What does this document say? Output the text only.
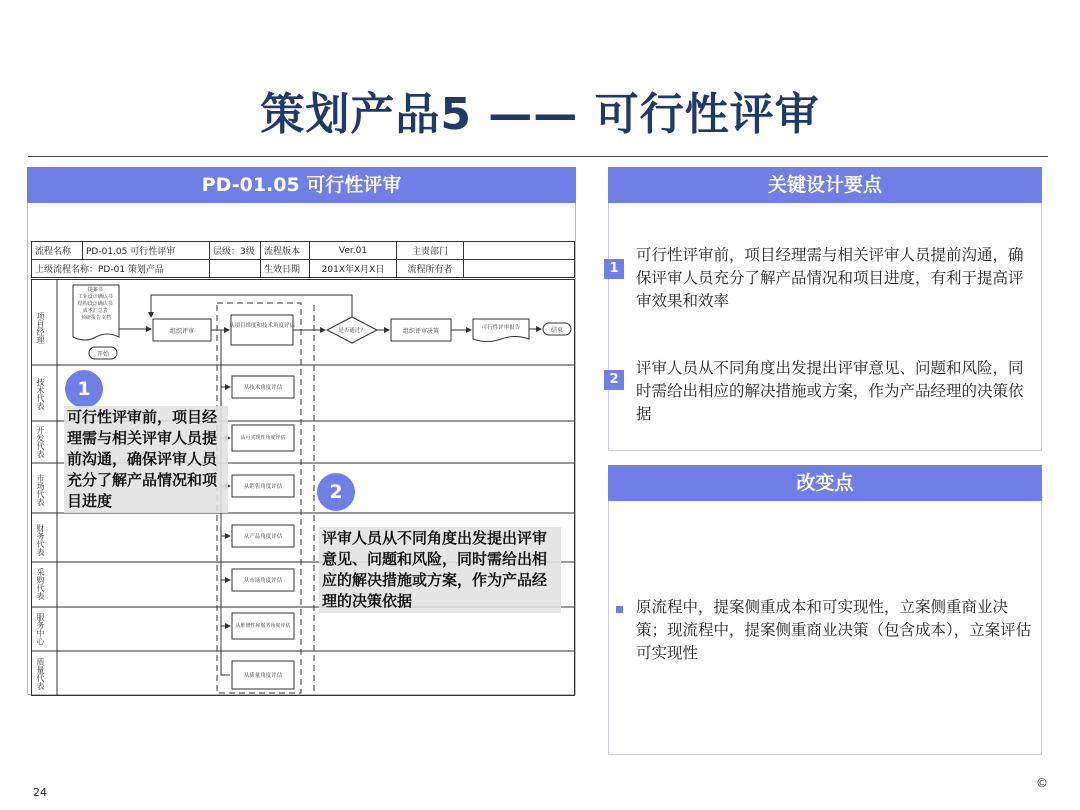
策划产品5 —— 可行性评审
PD-01.05 可行性评审
流程名称	PD-01.05 可行性评审	层级：3级	流程版本	Ver.01	主责部门	
上级流程名称：PD-01 策划产品			生效日期	201X年X月X日	流程所有者	
提案书 工业设计确认书 结构设计确认书 成本汇总表 预研报告文档
开始
组织评审
从项目维度和技术角度评估
是否通过？	组织评审决策	可行性评审报告	结束
从技术角度评估
从可实现性角度评估
从销售角度评估
从产品角度评估
从市场角度评估
从维修性和服务角度评估
从质量角度评估
项目经理
技术代表
开发代表
市场代表
财务代表
采购代表
服务中心
质量代表
1
可行性评审前，项目经理需与相关评审人员提前沟通，确保评审人员充分了解产品情况和项目进度	2
评审人员从不同角度出发提出评审意见、问题和风险，同时需给出相应的解决措施或方案，作为产品经理的决策依据
关键设计要点
1
可行性评审前，项目经理需与相关评审人员提前沟通，确保评审人员充分了解产品情况和项目进度，有利于提高评审效果和效率
2
评审人员从不同角度出发提出评审意见、问题和风险，同时需给出相应的解决措施或方案，作为产品经理的决策依据
改变点
原流程中，提案侧重成本和可实现性，立案侧重商业决策；现流程中，提案侧重商业决策（包含成本），立案评估可实现性
24
©
